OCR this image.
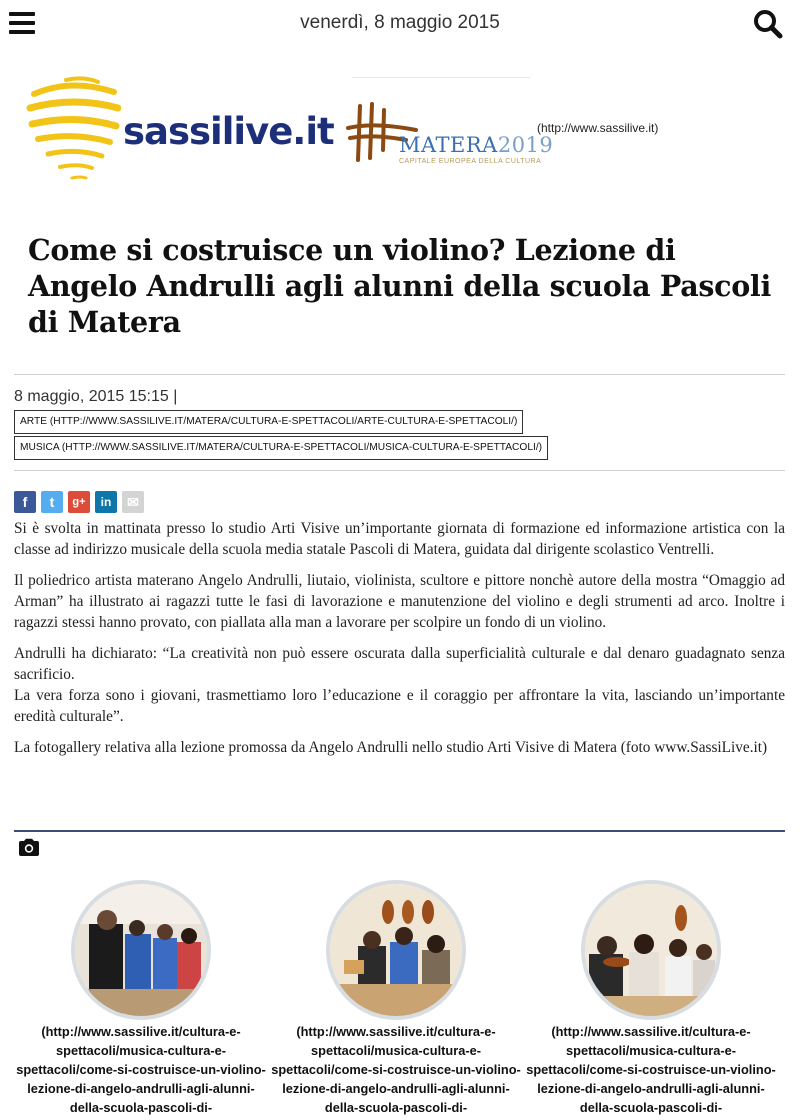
venerdì, 8 maggio 2015
sassilive.it	MATERA2019
CAPITALE EUROPEA DELLA CULTURA
(http://www.sassilive.it)
Come si costruisce un violino? Lezione di Angelo Andrulli agli alunni della scuola Pascoli di Matera
8 maggio, 2015 15:15 |
ARTE (HTTP://WWW.SASSILIVE.IT/MATERA/CULTURA-E-SPETTACOLI/ARTE-CULTURA-E-SPETTACOLI/)
MUSICA (HTTP://WWW.SASSILIVE.IT/MATERA/CULTURA-E-SPETTACOLI/MUSICA-CULTURA-E-SPETTACOLI/)
f	t	g+	in	✉

Si è svolta in mattinata presso lo studio Arti Visive un’importante giornata di formazione ed informazione artistica con la classe ad indirizzo musicale della scuola media statale Pascoli di Matera, guidata dal dirigente scolastico Ventrelli.

Il poliedrico artista materano Angelo Andrulli, liutaio, violinista, scultore e pittore nonchè autore della mostra “Omaggio ad Arman” ha illustrato ai ragazzi tutte le fasi di lavorazione e manutenzione del violino e degli strumenti ad arco. Inoltre i ragazzi stessi hanno provato, con piallata alla man a lavorare per scolpire un fondo di un violino.

Andrulli ha dichiarato: “La creatività non può essere oscurata dalla superficialità culturale e dal denaro guadagnato senza sacrificio.
La vera forza sono i giovani, trasmettiamo loro l’educazione e il coraggio per affrontare la vita, lasciando un’importante eredità culturale”.

La fotogallery relativa alla lezione promossa da Angelo Andrulli nello studio Arti Visive di Matera (foto www.SassiLive.it)

(http://www.sassilive.it/cultura-e-spettacoli/musica-cultura-e-spettacoli/come-si-costruisce-un-violino-lezione-di-angelo-andrulli-agli-alunni-della-scuola-pascoli-di-
(http://www.sassilive.it/cultura-e-spettacoli/musica-cultura-e-spettacoli/come-si-costruisce-un-violino-lezione-di-angelo-andrulli-agli-alunni-della-scuola-pascoli-di-
(http://www.sassilive.it/cultura-e-spettacoli/musica-cultura-e-spettacoli/come-si-costruisce-un-violino-lezione-di-angelo-andrulli-agli-alunni-della-scuola-pascoli-di-
